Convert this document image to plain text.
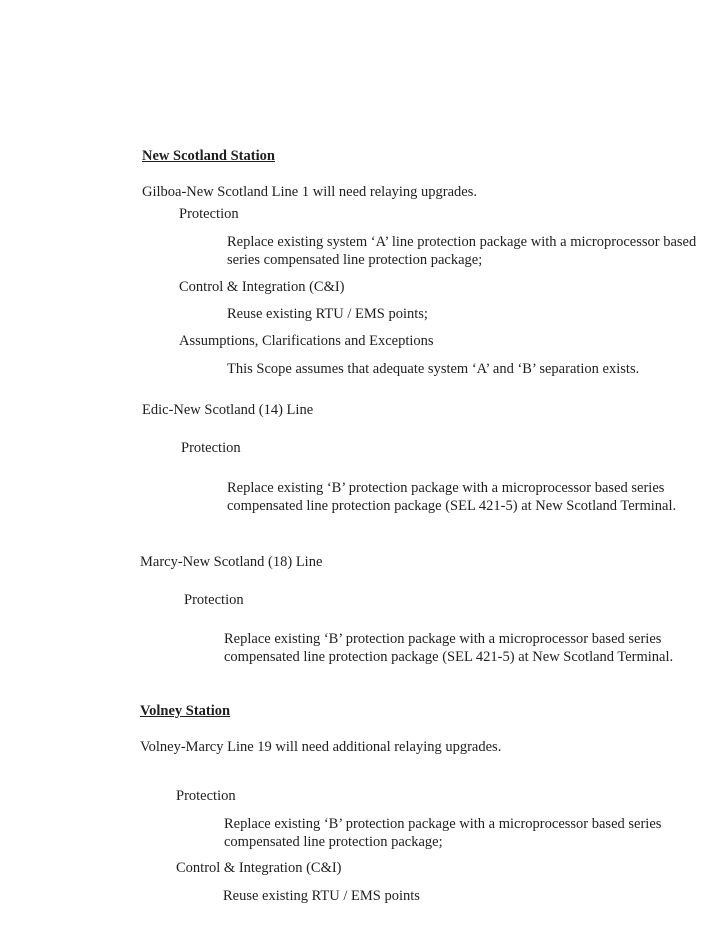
New Scotland Station
Gilboa-New Scotland Line 1 will need relaying upgrades.
Protection
Replace existing system ‘A’ line protection package with a microprocessor based series compensated line protection package;
Control & Integration (C&I)
Reuse existing RTU / EMS points;
Assumptions, Clarifications and Exceptions
This Scope assumes that adequate system ‘A’ and ‘B’ separation exists.
Edic-New Scotland (14) Line
Protection
Replace existing ‘B’ protection package with a microprocessor based series compensated line protection package (SEL 421-5) at New Scotland Terminal.
Marcy-New Scotland (18) Line
Protection
Replace existing ‘B’ protection package with a microprocessor based series compensated line protection package (SEL 421-5) at New Scotland Terminal.
Volney Station
Volney-Marcy Line 19 will need additional relaying upgrades.
Protection
Replace existing ‘B’ protection package with a microprocessor based series compensated line protection package;
Control & Integration (C&I)
Reuse existing RTU / EMS points
